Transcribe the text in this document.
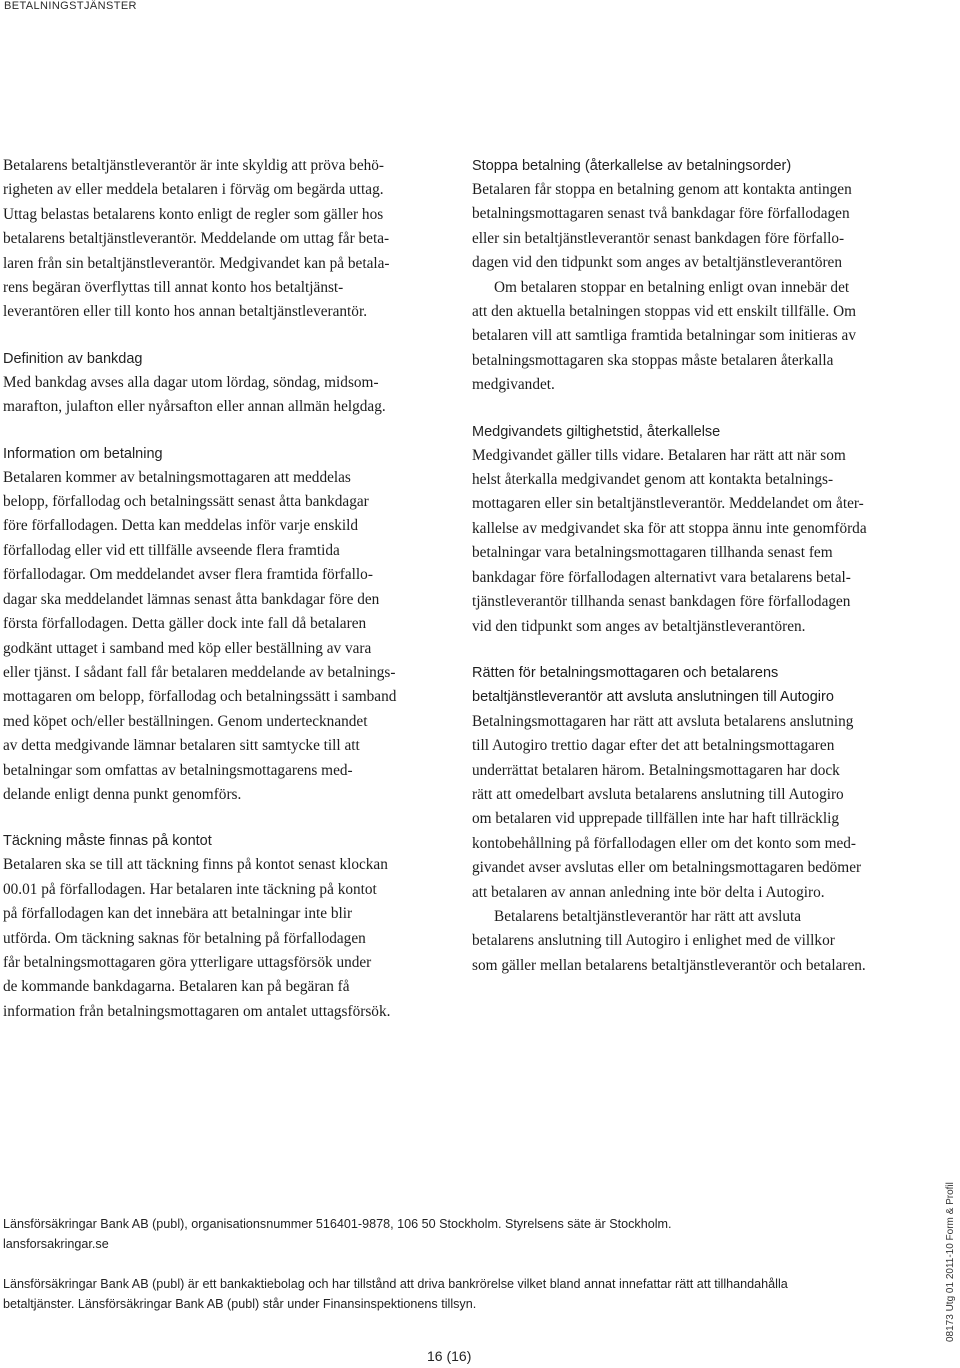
BETALNINGSTJÄNSTER
Betalarens betaltjänstleverantör är inte skyldig att pröva behö-
righeten av eller meddela betalaren i förväg om begärda uttag.
Uttag belastas betalarens konto enligt de regler som gäller hos
betalarens betaltjänstleverantör. Meddelande om uttag får beta-
laren från sin betaltjänstleverantör. Medgivandet kan på betala-
rens begäran överflyttas till annat konto hos betaltjänst-
leverantören eller till konto hos annan betaltjänstleverantör.
Definition av bankdag
Med bankdag avses alla dagar utom lördag, söndag, midsom-
marafton, julafton eller nyårsafton eller annan allmän helgdag.
Information om betalning
Betalaren kommer av betalningsmottagaren att meddelas
belopp, förfallodag och betalningssätt senast åtta bankdagar
före förfallodagen. Detta kan meddelas inför varje enskild
förfallodag eller vid ett tillfälle avseende flera framtida
förfallodagar. Om meddelandet avser flera framtida förfallo-
dagar ska meddelandet lämnas senast åtta bankdagar före den
första förfallodagen. Detta gäller dock inte fall då betalaren
godkänt uttaget i samband med köp eller beställning av vara
eller tjänst. I sådant fall får betalaren meddelande av betalnings-
mottagaren om belopp, förfallodag och betalningssätt i samband
med köpet och/eller beställningen. Genom undertecknandet
av detta medgivande lämnar betalaren sitt samtycke till att
betalningar som omfattas av betalningsmottagarens med-
delande enligt denna punkt genomförs.
Täckning måste finnas på kontot
Betalaren ska se till att täckning finns på kontot senast klockan
00.01 på förfallodagen. Har betalaren inte täckning på kontot
på förfallodagen kan det innebära att betalningar inte blir
utförda. Om täckning saknas för betalning på förfallodagen
får betalningsmottagaren göra ytterligare uttagsförsök under
de kommande bankdagarna. Betalaren kan på begäran få
information från betalningsmottagaren om antalet uttagsförsök.
Stoppa betalning (återkallelse av betalningsorder)
Betalaren får stoppa en betalning genom att kontakta antingen
betalningsmottagaren senast två bankdagar före förfallodagen
eller sin betaltjänstleverantör senast bankdagen före förfallo-
dagen vid den tidpunkt som anges av betaltjänstleverantören
Om betalaren stoppar en betalning enligt ovan innebär det
att den aktuella betalningen stoppas vid ett enskilt tillfälle. Om
betalaren vill att samtliga framtida betalningar som initieras av
betalningsmottagaren ska stoppas måste betalaren återkalla
medgivandet.
Medgivandets giltighetstid, återkallelse
Medgivandet gäller tills vidare. Betalaren har rätt att när som
helst återkalla medgivandet genom att kontakta betalnings-
mottagaren eller sin betaltjänstleverantör. Meddelandet om åter-
kallelse av medgivandet ska för att stoppa ännu inte genomförda
betalningar vara betalningsmottagaren tillhanda senast fem
bankdagar före förfallodagen alternativt vara betalarens betal-
tjänstleverantör tillhanda senast bankdagen före förfallodagen
vid den tidpunkt som anges av betaltjänstleverantören.
Rätten för betalningsmottagaren och betalarens
betaltjänstleverantör att avsluta anslutningen till Autogiro
Betalningsmottagaren har rätt att avsluta betalarens anslutning
till Autogiro trettio dagar efter det att betalningsmottagaren
underrättat betalaren härom. Betalningsmottagaren har dock
rätt att omedelbart avsluta betalarens anslutning till Autogiro
om betalaren vid upprepade tillfällen inte har haft tillräcklig
kontobehållning på förfallodagen eller om det konto som med-
givandet avser avslutas eller om betalningsmottagaren bedömer
att betalaren av annan anledning inte bör delta i Autogiro.
Betalarens betaltjänstleverantör har rätt att avsluta
betalarens anslutning till Autogiro i enlighet med de villkor
som gäller mellan betalarens betaltjänstleverantör och betalaren.
Länsförsäkringar Bank AB (publ), organisationsnummer 516401-9878, 106 50 Stockholm. Styrelsens säte är Stockholm.
lansforsakringar.se
Länsförsäkringar Bank AB (publ) är ett bankaktiebolag och har tillstånd att driva bankrörelse vilket bland annat innefattar rätt att tillhandahålla
betaltjänster. Länsförsäkringar Bank AB (publ) står under Finansinspektionens tillsyn.	08173 Utg 01 2011-10 Form & Profil
16 (16)
